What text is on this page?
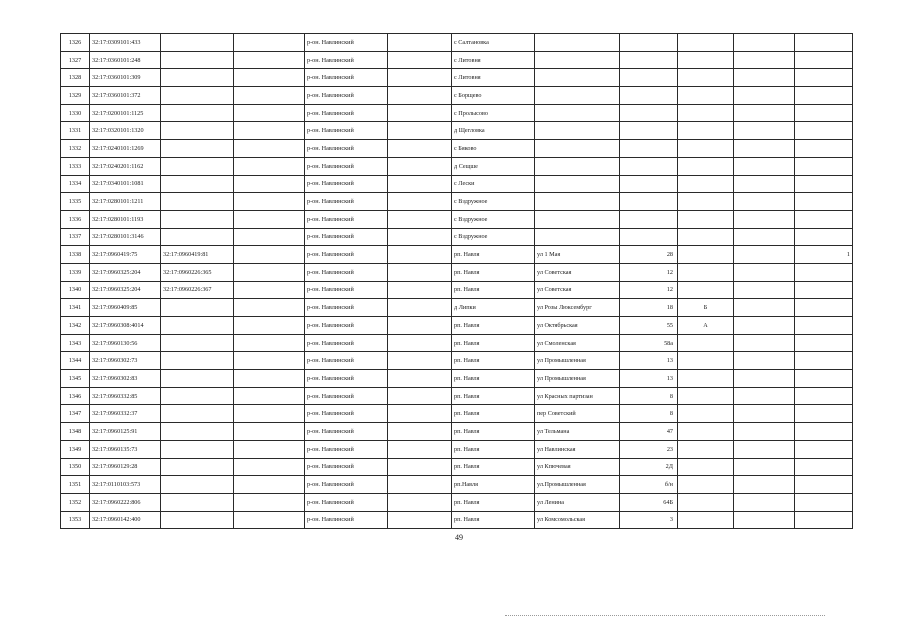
1326	32:17:0309101:433			р-он. Навлинский		с Салтановка					
1327	32:17:0360101:248			р-он. Навлинский		с Литовня					
1328	32:17:0360101:309			р-он. Навлинский		с Литовня					
1329	32:17:0360101:372			р-он. Навлинский		с Борщево					
1330	32:17:0200101:1125			р-он. Навлинский		с Пролысово					
1331	32:17:0320101:1320			р-он. Навлинский		д Щегловка					
1332	32:17:0240101:1269			р-он. Навлинский		с Бяково					
1333	32:17:0240201:1162			р-он. Навлинский		д Сещше					
1334	32:17:0340101:1081			р-он. Навлинский		с Лески					
1335	32:17:0280101:1211			р-он. Навлинский		с Вздружное					
1336	32:17:0280101:1193			р-он. Навлинский		с Вздружное					
1337	32:17:0280101:3146			р-он. Навлинский		с Вздружное					
1338	32:17:0960419:75	32:17:0960419:81		р-он. Навлинский		рп. Навля	ул 1 Мая	28			1
1339	32:17:0960325:204	32:17:0960226:365		р-он. Навлинский		рп. Навля	ул Советская	12			
1340	32:17:0960325:204	32:17:0960226:367		р-он. Навлинский		рп. Навля	ул Советская	12			
1341	32:17:0960409:85			р-он. Навлинский		д Липки	ул Розы Люксембург	18	Б		
1342	32:17:0960308:4014			р-он. Навлинский		рп. Навля	ул Октябрьская	55	А		
1343	32:17:0960130:56			р-он. Навлинский		рп. Навля	ул Смоленская	58а			
1344	32:17:0960302:73			р-он. Навлинский		рп. Навля	ул Промышленная	13			
1345	32:17:0960302:83			р-он. Навлинский		рп. Навля	ул Промышленная	13			
1346	32:17:0960332:85			р-он. Навлинский		рп. Навля	ул Красных партизан	8			
1347	32:17:0960332:37			р-он. Навлинский		рп. Навля	пер Советский	8			
1348	32:17:0960125:91			р-он. Навлинский		рп. Навля	ул Тельмана	47			
1349	32:17:0960135:73			р-он. Навлинский		рп. Навля	ул Навлинская	23			
1350	32:17:0960129:28			р-он. Навлинский		рп. Навля	ул Кпючевая	2Д			
1351	32:17:0110103:573			р-он. Навлинский		рп.Навля	ул.Промышленная	б/н			
1352	32:17:0960222:806			р-он. Навлинский		рп. Навля	ул Ленина	64Б			
1353	32:17:0960142:400			р-он. Навлинский		рп. Навля	ул Комсомольская	3			
49
